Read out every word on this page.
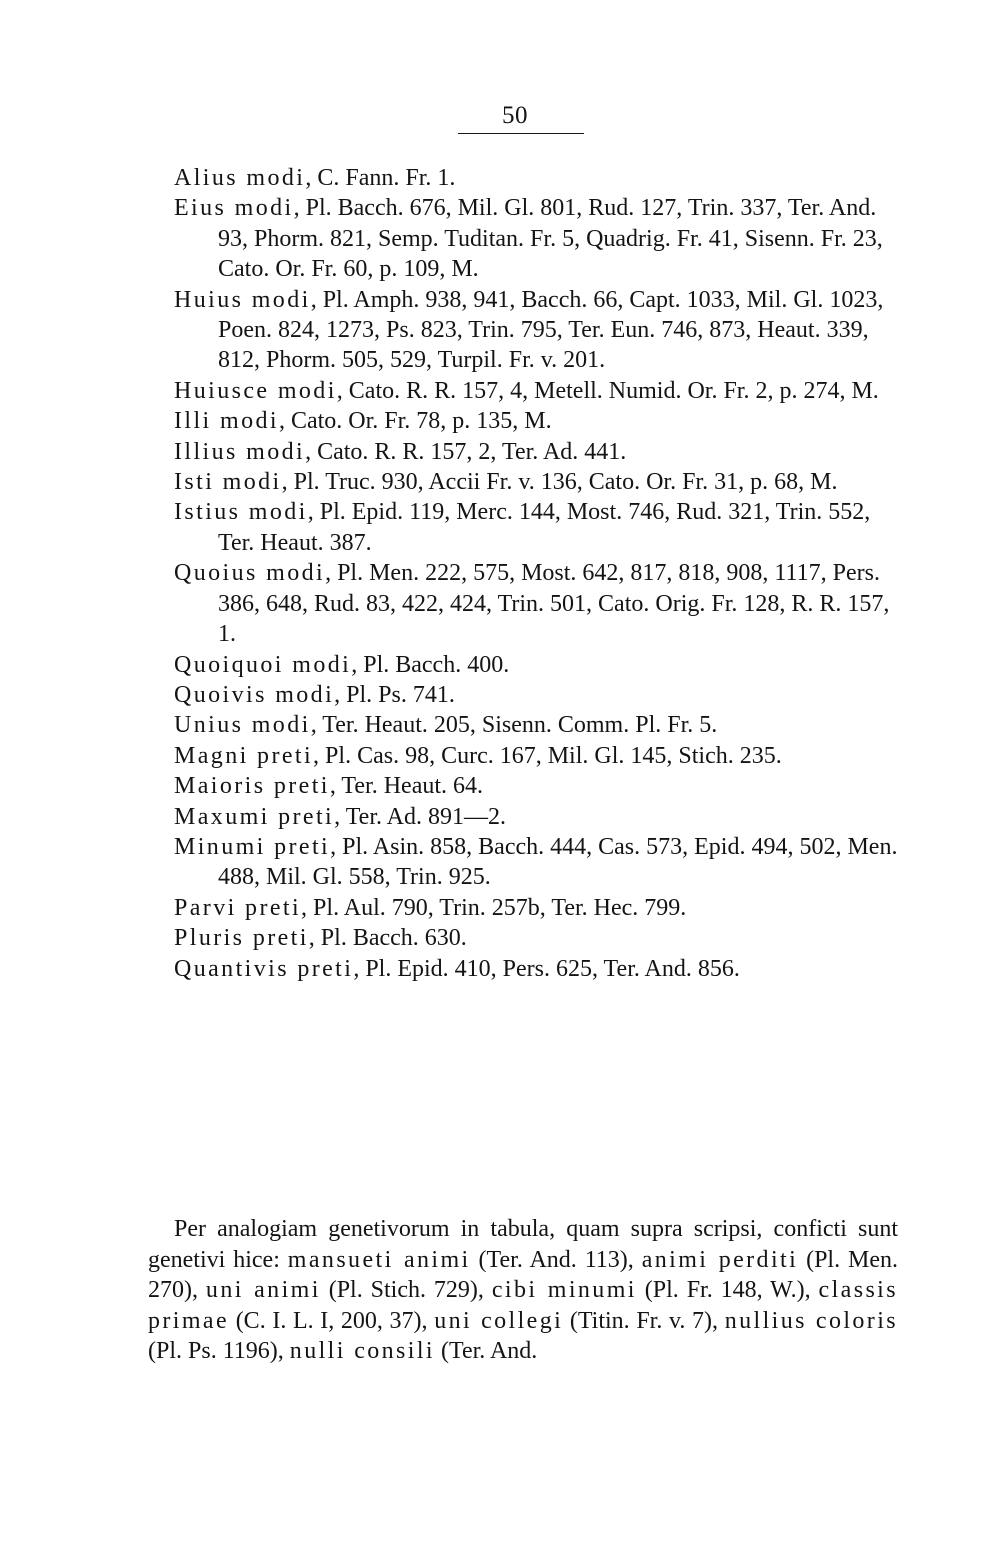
50
Alius modi, C. Fann. Fr. 1.
Eius modi, Pl. Bacch. 676, Mil. Gl. 801, Rud. 127, Trin. 337, Ter. And. 93, Phorm. 821, Semp. Tuditan. Fr. 5, Quadrig. Fr. 41, Sisenn. Fr. 23, Cato. Or. Fr. 60, p. 109, M.
Huius modi, Pl. Amph. 938, 941, Bacch. 66, Capt. 1033, Mil. Gl. 1023, Poen. 824, 1273, Ps. 823, Trin. 795, Ter. Eun. 746, 873, Heaut. 339, 812, Phorm. 505, 529, Turpil. Fr. v. 201.
Huiusce modi, Cato. R. R. 157, 4, Metell. Numid. Or. Fr. 2, p. 274, M.
Illi modi, Cato. Or. Fr. 78, p. 135, M.
Illius modi, Cato. R. R. 157, 2, Ter. Ad. 441.
Isti modi, Pl. Truc. 930, Accii Fr. v. 136, Cato. Or. Fr. 31, p. 68, M.
Istius modi, Pl. Epid. 119, Merc. 144, Most. 746, Rud. 321, Trin. 552, Ter. Heaut. 387.
Quoius modi, Pl. Men. 222, 575, Most. 642, 817, 818, 908, 1117, Pers. 386, 648, Rud. 83, 422, 424, Trin. 501, Cato. Orig. Fr. 128, R. R. 157, 1.
Quoiquoi modi, Pl. Bacch. 400.
Quoivis modi, Pl. Ps. 741.
Unius modi, Ter. Heaut. 205, Sisenn. Comm. Pl. Fr. 5.
Magni preti, Pl. Cas. 98, Curc. 167, Mil. Gl. 145, Stich. 235.
Maioris preti, Ter. Heaut. 64.
Maxumi preti, Ter. Ad. 891—2.
Minumi preti, Pl. Asin. 858, Bacch. 444, Cas. 573, Epid. 494, 502, Men. 488, Mil. Gl. 558, Trin. 925.
Parvi preti, Pl. Aul. 790, Trin. 257b, Ter. Hec. 799.
Pluris preti, Pl. Bacch. 630.
Quantivis preti, Pl. Epid. 410, Pers. 625, Ter. And. 856.

Per analogiam genetivorum in tabula, quam supra scripsi, conficti sunt genetivi hice: mansueti animi (Ter. And. 113), animi perditi (Pl. Men. 270), uni animi (Pl. Stich. 729), cibi minumi (Pl. Fr. 148, W.), classis primae (C. I. L. I, 200, 37), uni collegi (Titin. Fr. v. 7), nullius coloris (Pl. Ps. 1196), nulli consili (Ter. And.
